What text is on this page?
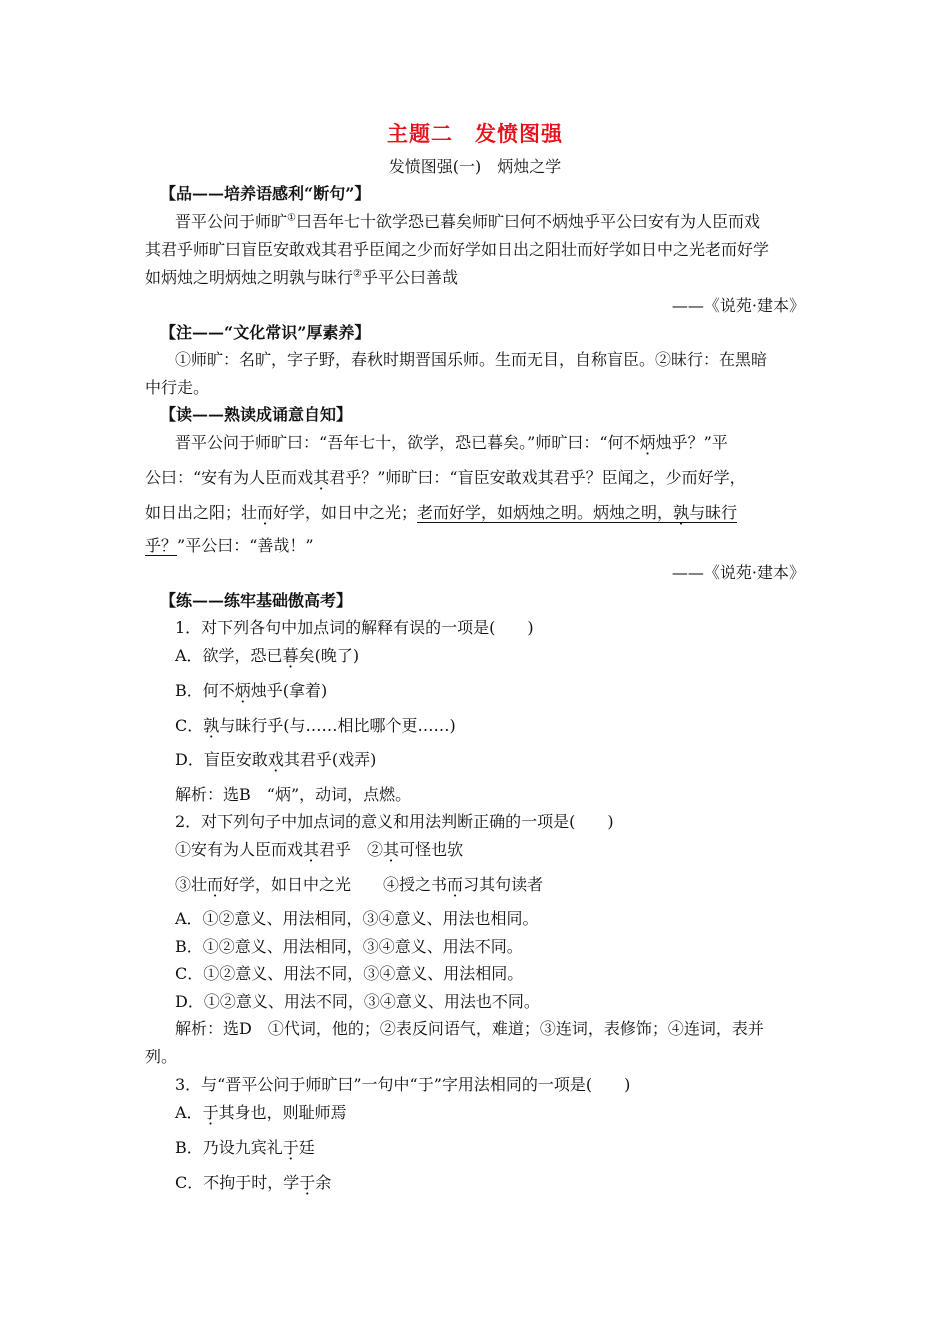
主题二　发愤图强
发愤图强(一)　炳烛之学
【品——培养语感利“断句”】
晋平公问于师旷①曰吾年七十欲学恐已暮矣师旷曰何不炳烛乎平公曰安有为人臣而戏
其君乎师旷曰盲臣安敢戏其君乎臣闻之少而好学如日出之阳壮而好学如日中之光老而好学
如炳烛之明炳烛之明孰与昧行②乎平公曰善哉
——《说苑·建本》
【注——“文化常识”厚素养】
①师旷：名旷，字子野，春秋时期晋国乐师。生而无目，自称盲臣。②昧行：在黑暗
中行走。
【读——熟读成诵意自知】
晋平公问于师旷曰：“吾年七十，欲学，恐已暮矣。”师旷曰：“何不炳烛乎？”平
公曰：“安有为人臣而戏其君乎？”师旷曰：“盲臣安敢戏其君乎？臣闻之，少而好学，
如日出之阳；壮而好学，如日中之光；老而好学，如炳烛之明。炳烛之明，孰与昧行
乎？”平公曰：“善哉！”
——《说苑·建本》
【练——练牢基础傲高考】
1．对下列各句中加点词的解释有误的一项是(　　)
A．欲学，恐已暮矣(晚了)
B．何不炳烛乎(拿着)
C．孰与昧行乎(与……相比哪个更……)
D．盲臣安敢戏其君乎(戏弄)
解析：选B　“炳”，动词，点燃。
2．对下列句子中加点词的意义和用法判断正确的一项是(　　)
①安有为人臣而戏其君乎　②其可怪也欤
③壮而好学，如日中之光　　④授之书而习其句读者
A．①②意义、用法相同，③④意义、用法也相同。
B．①②意义、用法相同，③④意义、用法不同。
C．①②意义、用法不同，③④意义、用法相同。
D．①②意义、用法不同，③④意义、用法也不同。
解析：选D　①代词，他的；②表反问语气，难道；③连词，表修饰；④连词，表并
列。
3．与“晋平公问于师旷曰”一句中“于”字用法相同的一项是(　　)
A．于其身也，则耻师焉
B．乃设九宾礼于廷
C．不拘于时，学于余
